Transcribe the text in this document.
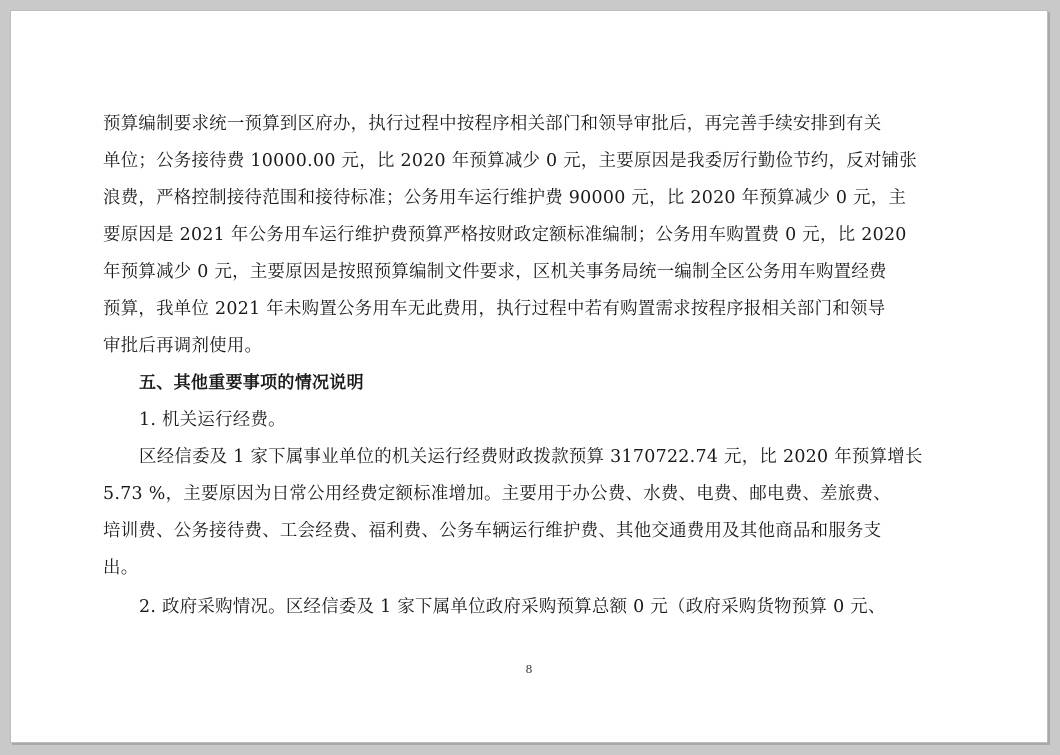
预算编制要求统一预算到区府办，执行过程中按程序相关部门和领导审批后，再完善手续安排到有关

单位；公务接待费 10000.00 元，比 2020 年预算减少 0 元，主要原因是我委厉行勤俭节约，反对铺张

浪费，严格控制接待范围和接待标准；公务用车运行维护费 90000 元，比 2020 年预算减少 0 元，主

要原因是 2021 年公务用车运行维护费预算严格按财政定额标准编制；公务用车购置费 0 元，比 2020

年预算减少 0 元，主要原因是按照预算编制文件要求，区机关事务局统一编制全区公务用车购置经费

预算，我单位 2021 年未购置公务用车无此费用，执行过程中若有购置需求按程序报相关部门和领导

审批后再调剂使用。

五、其他重要事项的情况说明

1. 机关运行经费。

区经信委及 1 家下属事业单位的机关运行经费财政拨款预算 3170722.74 元，比 2020 年预算增长

5.73 %，主要原因为日常公用经费定额标准增加。主要用于办公费、水费、电费、邮电费、差旅费、

培训费、公务接待费、工会经费、福利费、公务车辆运行维护费、其他交通费用及其他商品和服务支

出。

2. 政府采购情况。区经信委及 1 家下属单位政府采购预算总额 0 元（政府采购货物预算 0 元、

8
